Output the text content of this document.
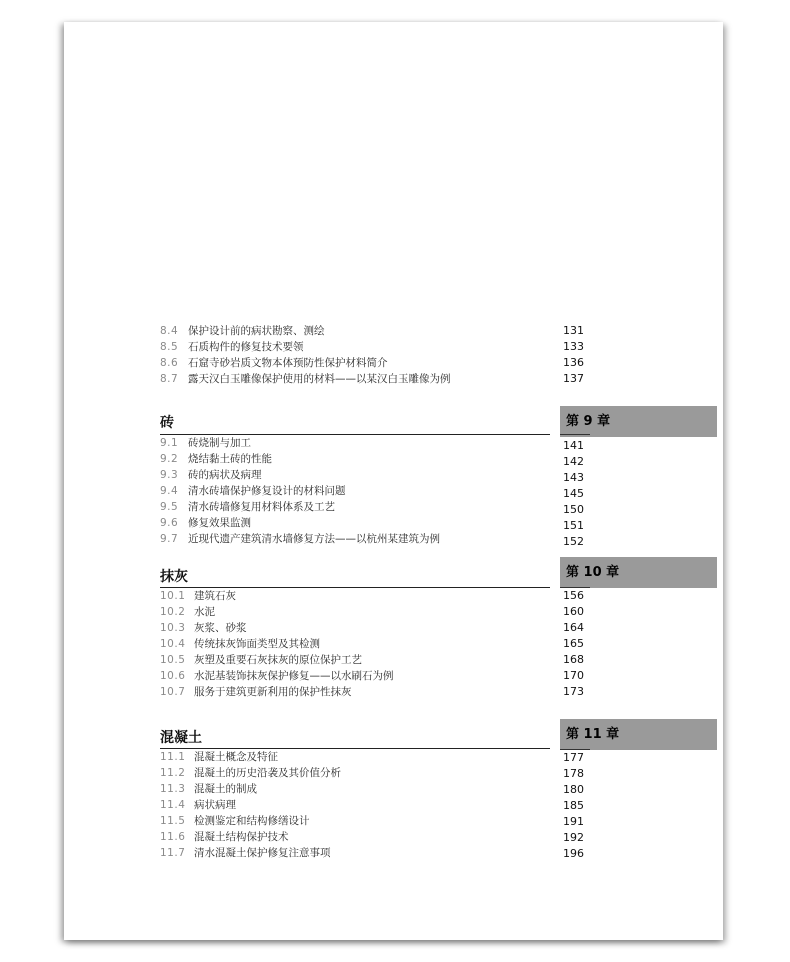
8.4 保护设计前的病状勘察、测绘	131
8.5 石质构件的修复技术要领	133
8.6 石窟寺砂岩质文物本体预防性保护材料简介	136
8.7 露天汉白玉雕像保护使用的材料——以某汉白玉雕像为例	137
砖	第 9 章
9.1 砖烧制与加工	141
9.2 烧结黏土砖的性能	142
9.3 砖的病状及病理	143
9.4 清水砖墙保护修复设计的材料问题	145
9.5 清水砖墙修复用材料体系及工艺	150
9.6 修复效果监测	151
9.7 近现代遗产建筑清水墙修复方法——以杭州某建筑为例	152
抹灰	第 10 章
10.1 建筑石灰	156
10.2 水泥	160
10.3 灰浆、砂浆	164
10.4 传统抹灰饰面类型及其检测	165
10.5 灰塑及重要石灰抹灰的原位保护工艺	168
10.6 水泥基装饰抹灰保护修复——以水刷石为例	170
10.7 服务于建筑更新利用的保护性抹灰	173
混凝土	第 11 章
11.1 混凝土概念及特征	177
11.2 混凝土的历史沿袭及其价值分析	178
11.3 混凝土的制成	180
11.4 病状病理	185
11.5 检测鉴定和结构修缮设计	191
11.6 混凝土结构保护技术	192
11.7 清水混凝土保护修复注意事项	196
